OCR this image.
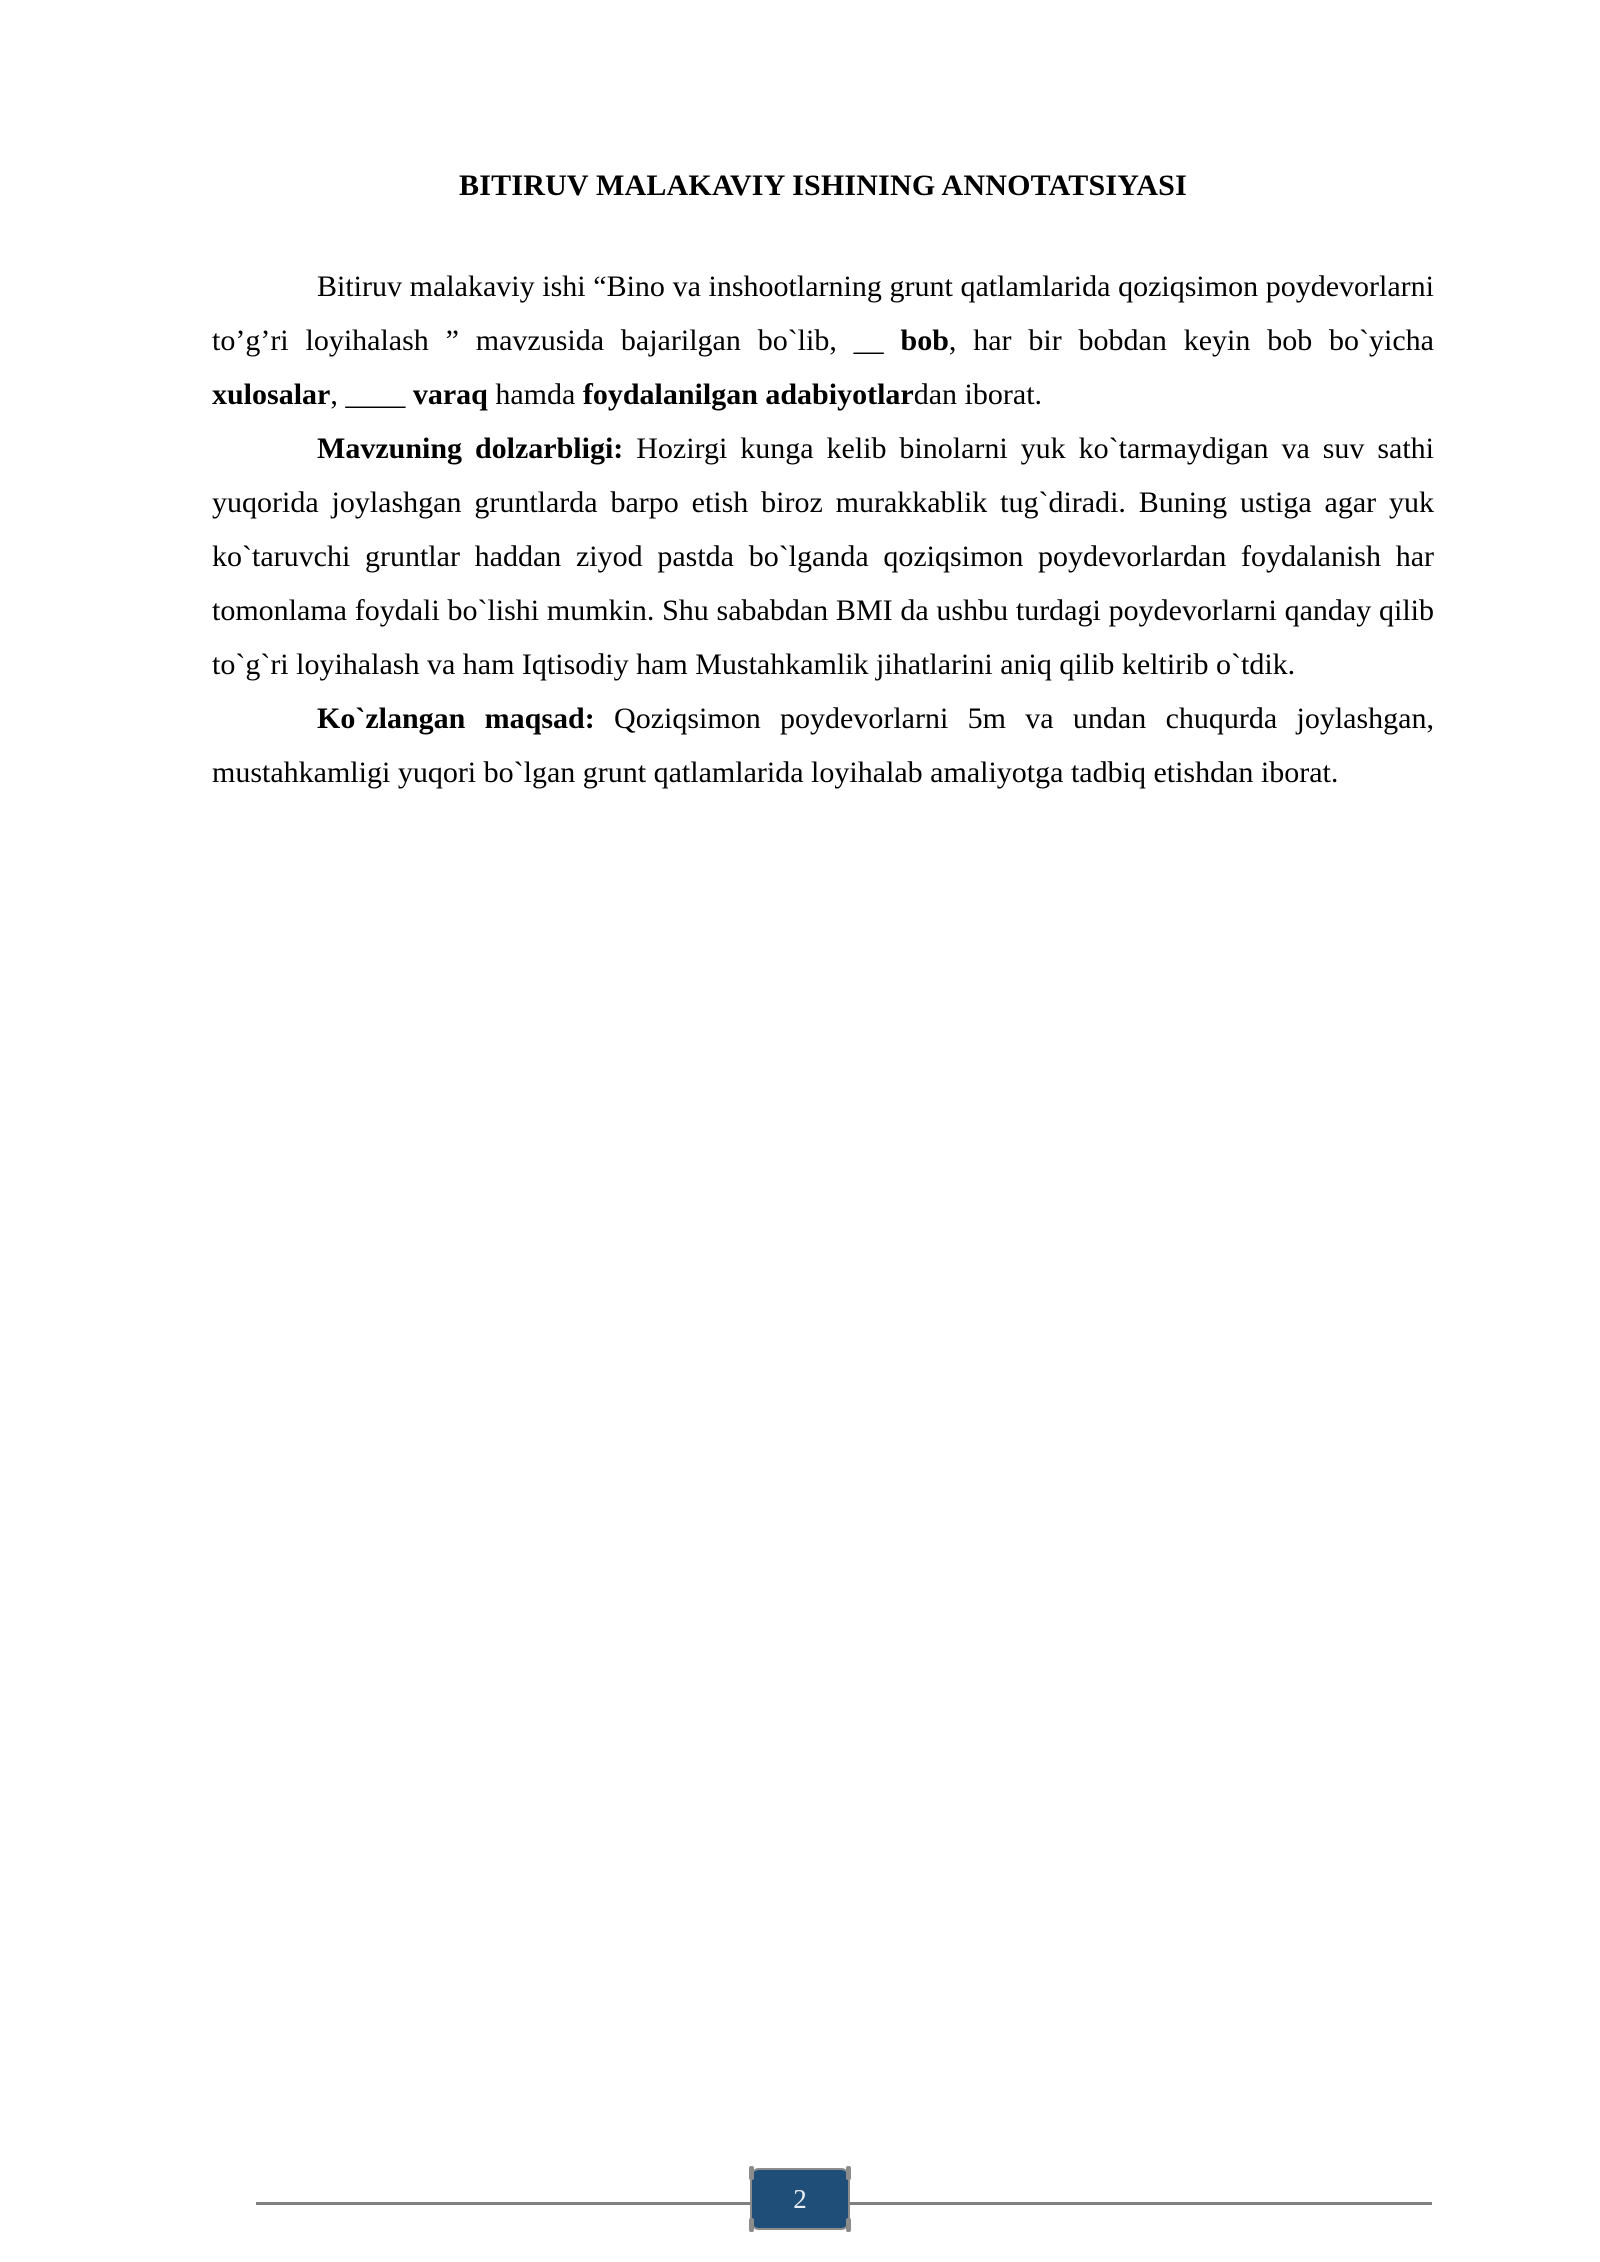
BITIRUV MALAKAVIY ISHINING ANNOTATSIYASI

Bitiruv malakaviy ishi “Bino va inshootlarning grunt qatlamlarida qoziqsimon poydevorlarni to’g’ri loyihalash ” mavzusida bajarilgan bo`lib, __ bob, har bir bobdan keyin bob bo`yicha xulosalar, ____ varaq hamda foydalanilgan adabiyotlardan iborat.

Mavzuning dolzarbligi: Hozirgi kunga kelib binolarni yuk ko`tarmaydigan va suv sathi yuqorida joylashgan gruntlarda barpo etish biroz murakkablik tug`diradi. Buning ustiga agar yuk ko`taruvchi gruntlar haddan ziyod pastda bo`lganda qoziqsimon poydevorlardan foydalanish har tomonlama foydali bo`lishi mumkin. Shu sababdan BMI da ushbu turdagi poydevorlarni qanday qilib to`g`ri loyihalash va ham Iqtisodiy ham Mustahkamlik jihatlarini aniq qilib keltirib o`tdik.

Ko`zlangan maqsad: Qoziqsimon poydevorlarni 5m va undan chuqurda joylashgan, mustahkamligi yuqori bo`lgan grunt qatlamlarida loyihalab amaliyotga tadbiq etishdan iborat.

2
